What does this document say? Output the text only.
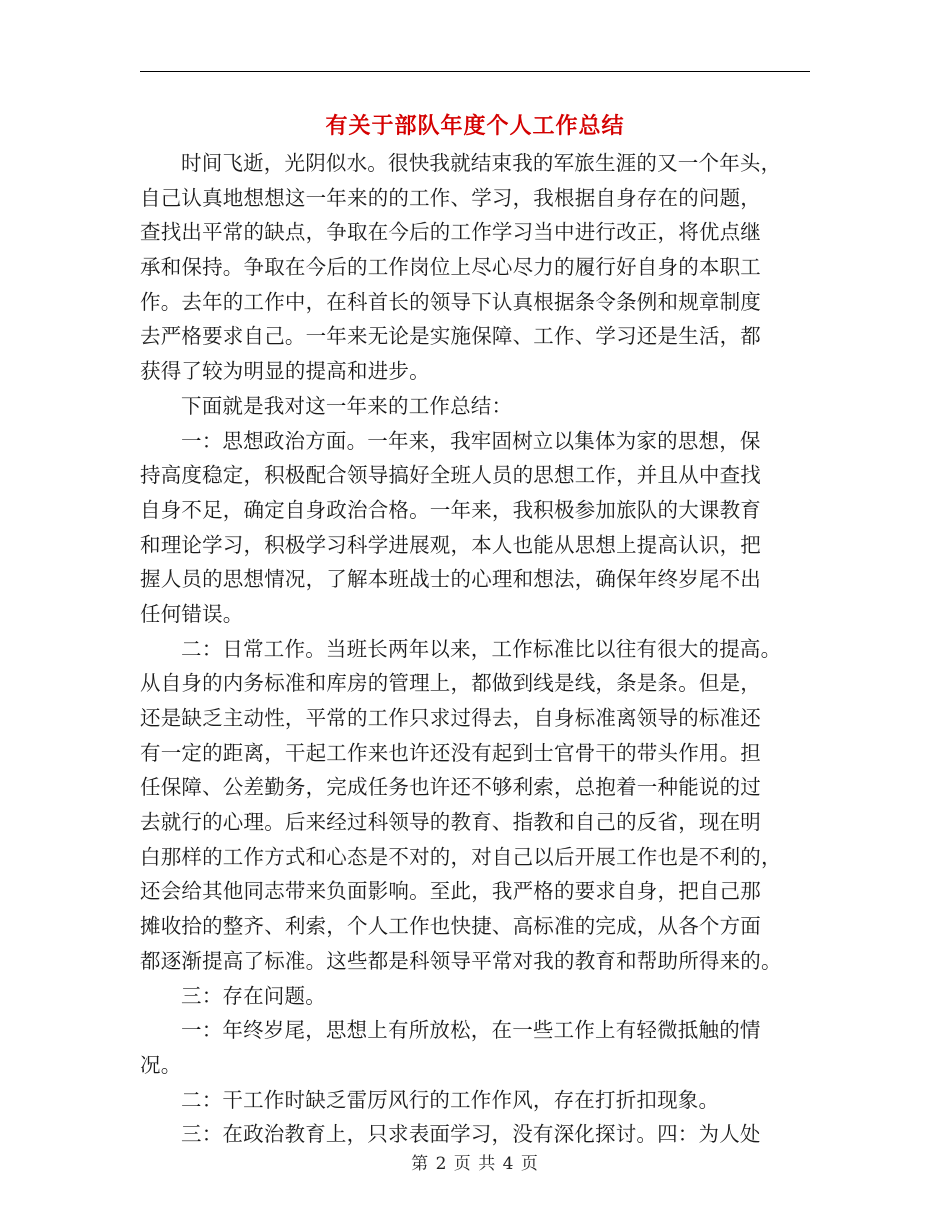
有关于部队年度个人工作总结
时间飞逝，光阴似水。很快我就结束我的军旅生涯的又一个年头，
自己认真地想想这一年来的的工作、学习，我根据自身存在的问题，
查找出平常的缺点，争取在今后的工作学习当中进行改正，将优点继
承和保持。争取在今后的工作岗位上尽心尽力的履行好自身的本职工
作。去年的工作中，在科首长的领导下认真根据条令条例和规章制度
去严格要求自己。一年来无论是实施保障、工作、学习还是生活，都
获得了较为明显的提高和进步。
下面就是我对这一年来的工作总结：
一：思想政治方面。一年来，我牢固树立以集体为家的思想，保
持高度稳定，积极配合领导搞好全班人员的思想工作，并且从中查找
自身不足，确定自身政治合格。一年来，我积极参加旅队的大课教育
和理论学习，积极学习科学进展观，本人也能从思想上提高认识，把
握人员的思想情况，了解本班战士的心理和想法，确保年终岁尾不出
任何错误。
二：日常工作。当班长两年以来，工作标准比以往有很大的提高。
从自身的内务标准和库房的管理上，都做到线是线，条是条。但是，
还是缺乏主动性，平常的工作只求过得去，自身标准离领导的标准还
有一定的距离，干起工作来也许还没有起到士官骨干的带头作用。担
任保障、公差勤务，完成任务也许还不够利索，总抱着一种能说的过
去就行的心理。后来经过科领导的教育、指教和自己的反省，现在明
白那样的工作方式和心态是不对的，对自己以后开展工作也是不利的，
还会给其他同志带来负面影响。至此，我严格的要求自身，把自己那
摊收拾的整齐、利索，个人工作也快捷、高标准的完成，从各个方面
都逐渐提高了标准。这些都是科领导平常对我的教育和帮助所得来的。
三：存在问题。
一：年终岁尾，思想上有所放松，在一些工作上有轻微抵触的情
况。
二：干工作时缺乏雷厉风行的工作作风，存在打折扣现象。
三：在政治教育上，只求表面学习，没有深化探讨。四：为人处
第 2 页 共 4 页
